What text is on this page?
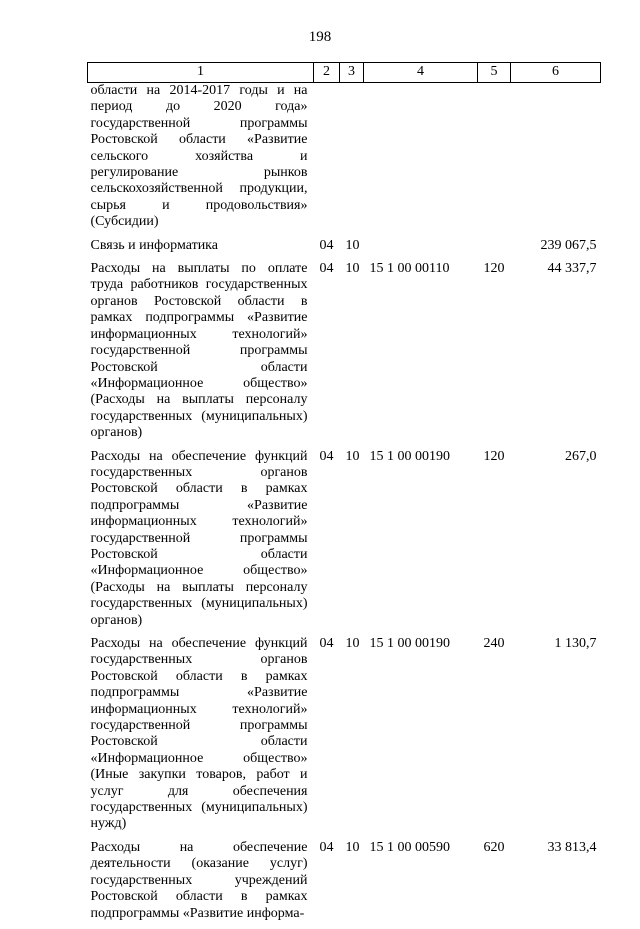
198
1	2	3	4	5	6
области на 2014-2017 годы и на период до 2020 года» государственной программы Ростовской области «Развитие сельского хозяйства и регулирование рынков сельскохозяйственной продукции, сырья и продовольствия» (Субсидии)					
Связь и информатика	04	10			239 067,5
Расходы на выплаты по оплате труда работников государственных органов Ростовской области в рамках подпрограммы «Развитие информационных технологий» государственной программы Ростовской области «Информационное общество» (Расходы на выплаты персоналу государственных (муниципальных) органов)	04	10	15 1 00 00110	120	44 337,7
Расходы на обеспечение функций государственных органов Ростовской области в рамках подпрограммы «Развитие информационных технологий» государственной программы Ростовской области «Информационное общество» (Расходы на выплаты персоналу государственных (муниципальных) органов)	04	10	15 1 00 00190	120	267,0
Расходы на обеспечение функций государственных органов Ростовской области в рамках подпрограммы «Развитие информационных технологий» государственной программы Ростовской области «Информационное общество» (Иные закупки товаров, работ и услуг для обеспечения государственных (муниципальных) нужд)	04	10	15 1 00 00190	240	1 130,7
Расходы на обеспечение деятельности (оказание услуг) государственных учреждений Ростовской области в рамках подпрограммы «Развитие информа-	04	10	15 1 00 00590	620	33 813,4
